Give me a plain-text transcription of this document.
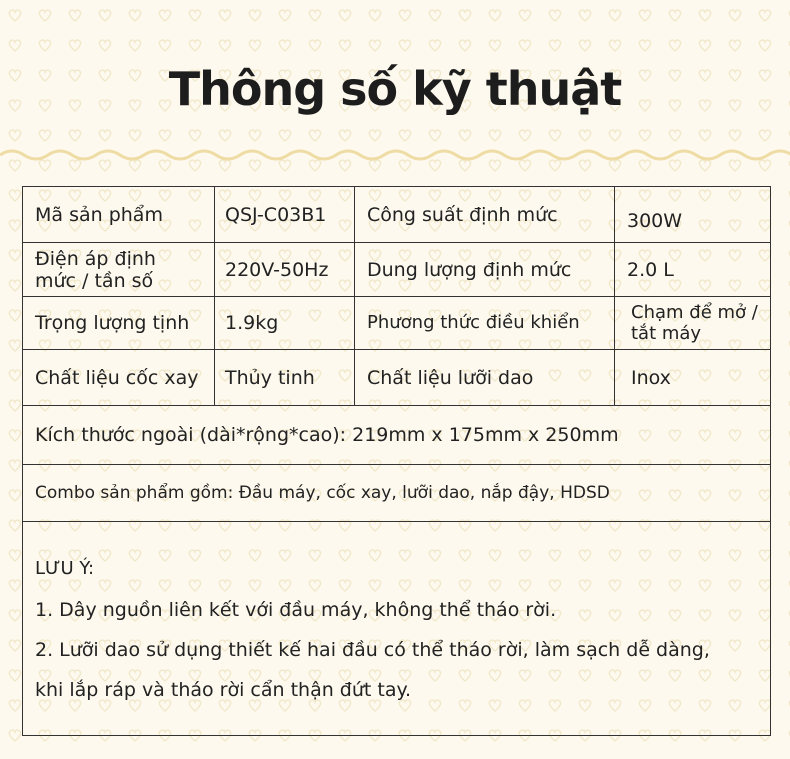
Thông số kỹ thuật
Mã sản phẩm	QSJ-C03B1	Công suất định mức	300W
Điện áp định mức / tần số	220V-50Hz	Dung lượng định mức	2.0 L
Trọng lượng tịnh	1.9kg	Phương thức điều khiển	Chạm để mở / tắt máy
Chất liệu cốc xay	Thủy tinh	Chất liệu lưỡi dao	Inox
Kích thước ngoài (dài*rộng*cao): 219mm x 175mm x 250mm			
Combo sản phẩm gồm: Đầu máy, cốc xay, lưỡi dao, nắp đậy, HDSD			

LƯU Ý:
1. Dây nguồn liên kết với đầu máy, không thể tháo rời.
2. Lưỡi dao sử dụng thiết kế hai đầu có thể tháo rời, làm sạch dễ dàng,
khi lắp ráp và tháo rời cẩn thận đứt tay.			
